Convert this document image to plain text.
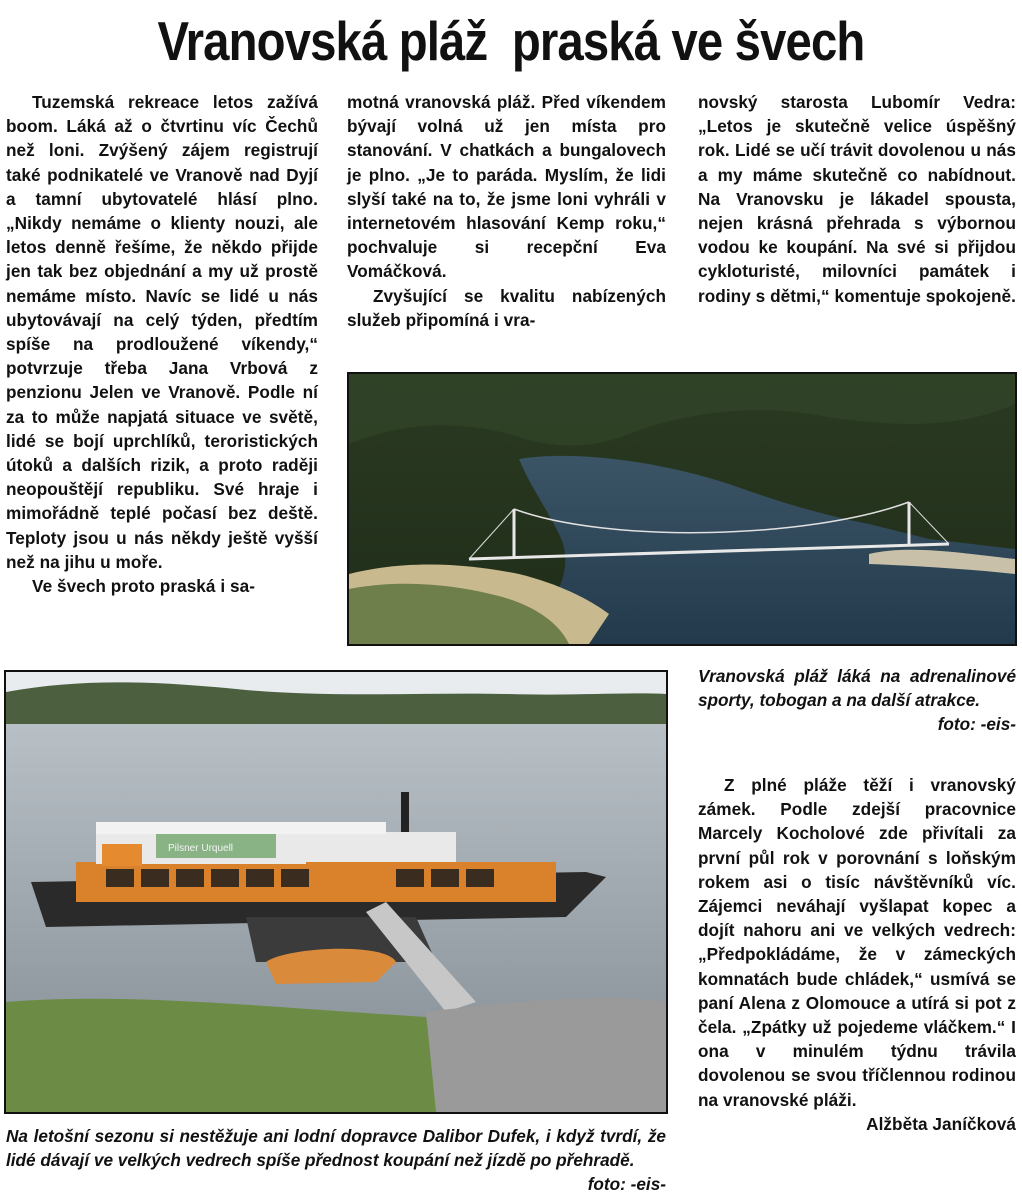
Vranovská pláž  praská ve švech

Tuzemská rekreace letos zažívá boom. Láká až o čtvrtinu víc Čechů než loni. Zvýšený zájem registrují také podnikatelé ve Vranově nad Dyjí a tamní ubytovatelé hlásí plno. „Nikdy nemáme o klienty nouzi, ale letos denně řešíme, že někdo přijde jen tak bez objednání a my už prostě nemáme místo. Navíc se lidé u nás ubytovávají na celý týden, předtím spíše na prodloužené víkendy,“ potvrzuje třeba Jana Vrbová z penzionu Jelen ve Vranově. Podle ní za to může napjatá situace ve světě, lidé se bojí uprchlíků, teroristických útoků a dalších rizik, a proto raději neopouštějí republiku. Své hraje i mimořádně teplé počasí bez deště. Teploty jsou u nás někdy ještě vyšší než na jihu u moře.

Ve švech proto praská i sa-

motná vranovská pláž. Před víkendem bývají volná už jen místa pro stanování. V chatkách a bungalovech je plno. „Je to paráda. Myslím, že lidi slyší také na to, že jsme loni vyhráli v internetovém hlasování Kemp roku,“ pochvaluje si recepční Eva Vomáčková.

Zvyšující se kvalitu nabízených služeb připomíná i vra-

novský starosta Lubomír Vedra: „Letos je skutečně velice úspěšný rok. Lidé se učí trávit dovolenou u nás a my máme skutečně co nabídnout. Na Vranovsku je lákadel spousta, nejen krásná přehrada s výbornou vodou ke koupání. Na své si přijdou cykloturisté, milovníci památek i rodiny s dětmi,“ komentuje spokojeně.

Vranovská pláž láká na adrenalinové sporty, tobogan a na další atrakce.
foto: -eis-

Pilsner Urquell

Na letošní sezonu si nestěžuje ani lodní dopravce Dalibor Dufek, i když tvrdí, že lidé dávají ve velkých vedrech spíše přednost koupání než jízdě po přehradě.
foto: -eis-

Z plné pláže těží i vranovský zámek. Podle zdejší pracovnice Marcely Kocholové zde přivítali za první půl rok v porovnání s loňským rokem asi o tisíc návštěvníků víc. Zájemci neváhají vyšlapat kopec a dojít nahoru ani ve velkých vedrech: „Předpokládáme, že v zámeckých komnatách bude chládek,“ usmívá se paní Alena z Olomouce a utírá si pot z čela. „Zpátky už pojedeme vláčkem.“ I ona v minulém týdnu trávila dovolenou se svou tříčlennou rodinou na vranovské pláži.

Alžběta Janíčková
